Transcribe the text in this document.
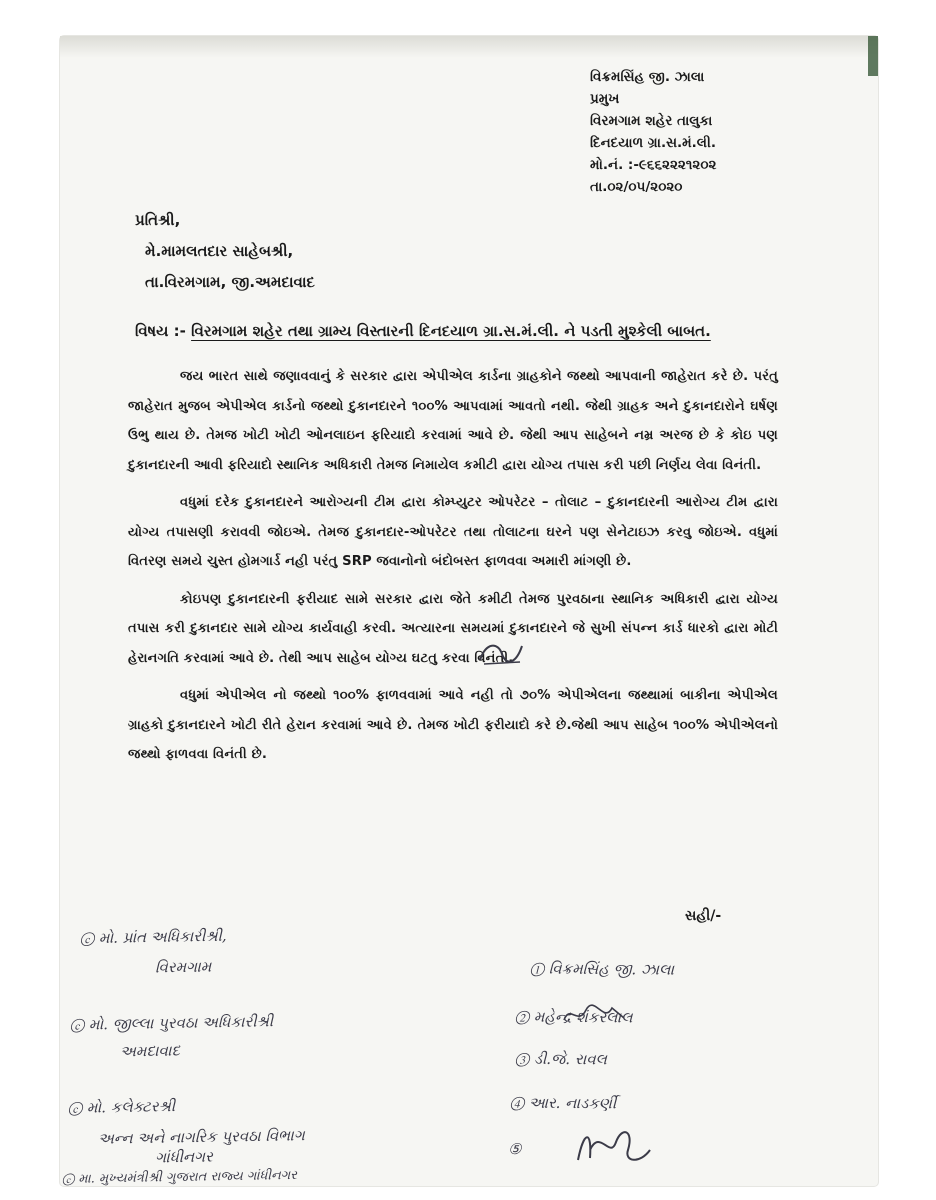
વિક્રમસિંહ જી. ઝાલા
પ્રમુખ
વિરમગામ શહેર તાલુકા
દિનદયાળ ગ્રા.સ.મં.લી.
મો.નં. :-૯૬૬૨૨૨૧૨૦૨
તા.૦૨/૦૫/૨૦૨૦
પ્રતિશ્રી,
મે.મામલતદાર સાહેબશ્રી,
તા.વિરમગામ, જી.અમદાવાદ
વિષય :- વિરમગામ શહેર તથા ગ્રામ્ય વિસ્તારની દિનદયાળ ગ્રા.સ.મં.લી. ને પડતી મુશ્કેલી બાબત.

જય ભારત સાથે જણાવવાનું કે સરકાર દ્વારા એપીએલ કાર્ડના ગ્રાહકોને જથ્થો આપવાની જાહેરાત કરે છે. પરંતુ જાહેરાત મુજબ એપીએલ કાર્ડનો જથ્થો દુકાનદારને ૧૦૦% આપવામાં આવતો નથી. જેથી ગ્રાહક અને દુકાનદારોને ઘર્ષણ ઉભુ થાય છે. તેમજ ખોટી ખોટી ઓનલાઇન ફરિયાદો કરવામાં આવે છે. જેથી આપ સાહેબને નમ્ર અરજ છે કે કોઇ પણ દુકાનદારની આવી ફરિયાદો સ્થાનિક અધિકારી તેમજ નિમાયેલ કમીટી દ્વારા યોગ્ય તપાસ કરી પછી નિર્ણય લેવા વિનંતી.

વધુમાં દરેક દુકાનદારને આરોગ્યની ટીમ દ્વારા કોમ્પ્યુટર ઓપરેટર – તોલાટ – દુકાનદારની આરોગ્ય ટીમ દ્વારા યોગ્ય તપાસણી કરાવવી જોઇએ. તેમજ દુકાનદાર-ઓપરેટર તથા તોલાટના ઘરને પણ સેનેટાઇઝ કરવુ જોઇએ. વધુમાં વિતરણ સમયે ચુસ્ત હોમગાર્ડ નહી પરંતુ SRP જવાનોનો બંદોબસ્ત ફાળવવા અમારી માંગણી છે.

કોઇપણ દુકાનદારની ફરીયાદ સામે સરકાર દ્વારા જેતે કમીટી તેમજ પુરવઠાના સ્થાનિક અધિકારી દ્વારા યોગ્ય તપાસ કરી દુકાનદાર સામે યોગ્ય કાર્યવાહી કરવી. અત્યારના સમયમાં દુકાનદારને જે સુખી સંપન્ન કાર્ડ ધારકો દ્વારા મોટી હેરાનગતિ કરવામાં આવે છે. તેથી આપ સાહેબ યોગ્ય ઘટતુ કરવા વિનંતી.

વધુમાં એપીએલ નો જથ્થો ૧૦૦% ફાળવવામાં આવે નહી તો ૭૦% એપીએલના જથ્થામાં બાકીના એપીએલ ગ્રાહકો દુકાનદારને ખોટી રીતે હેરાન કરવામાં આવે છે. તેમજ ખોટી ફરીયાદો કરે છે.જેથી આપ સાહેબ ૧૦૦% એપીએલનો જથ્થો ફાળવવા વિનંતી છે.

સહી/-
ⓒ મો. પ્રાંત અધિકારીશ્રી,
વિરમગામ
ⓒ મો. જીલ્લા પુરવઠા અધિકારીશ્રી
અમદાવાદ
ⓒ મો. કલેક્ટરશ્રી
અન્ન અને નાગરિક પુરવઠા વિભાગ
ગાંધીનગર
ⓒ મા. મુખ્યમંત્રીશ્રી ગુજરાત રાજ્ય ગાંધીનગર
① વિક્રમસિંહ જી. ઝાલા
② મહેન્દ્ર શંકરલાલ
③ ડી.જે. રાવલ
④ આર. નાડકર્ણી
⑤
